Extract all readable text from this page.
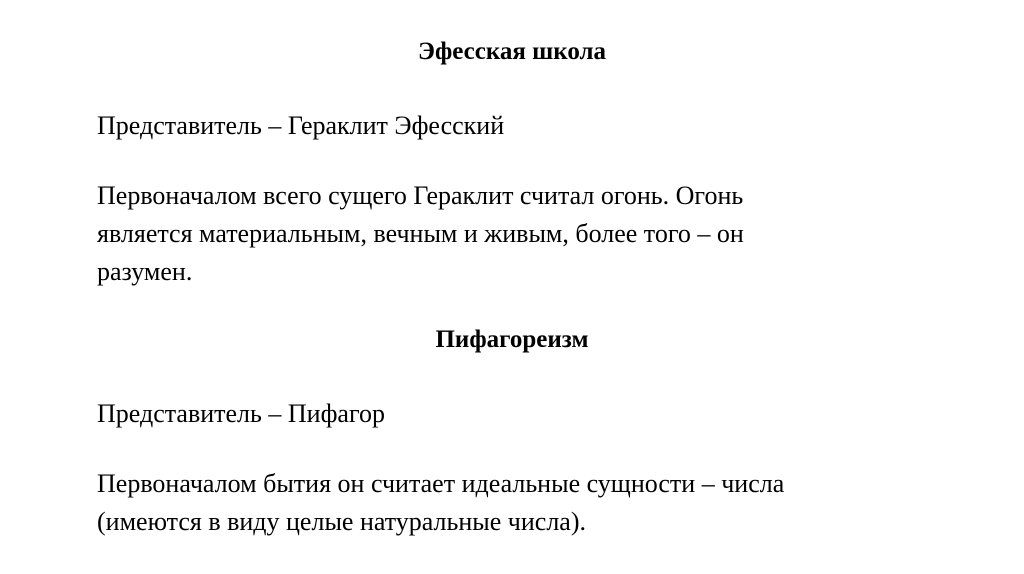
Эфесская школа
Представитель – Гераклит Эфесский
Первоначалом всего сущего Гераклит считал огонь. Огонь
является материальным, вечным и живым, более того – он
разумен.
Пифагореизм
Представитель – Пифагор
Первоначалом бытия он считает идеальные сущности – числа
(имеются в виду целые натуральные числа).
